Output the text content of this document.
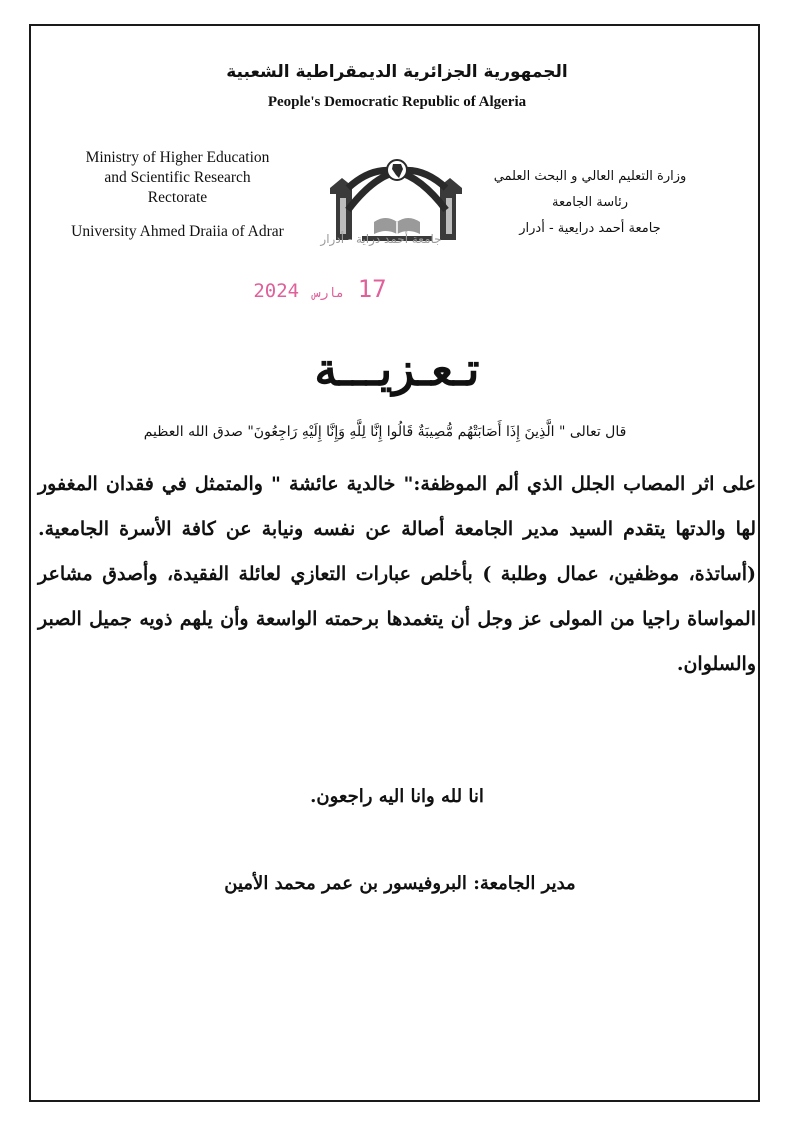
الجمهورية الجزائرية الديمقراطية الشعبية
People's Democratic Republic of Algeria
Ministry of Higher Education
and Scientific Research
Rectorate
University Ahmed Draiia of Adrar
وزارة التعليم العالي و البحث العلمي
رئاسة الجامعة
جامعة أحمد درايعية - أدرار
جامعة أحمد دراية - أدرار
17 مارس 2024
تـعـزيـــة
قال تعالى " الَّذِينَ إِذَا أَصَابَتْهُم مُّصِيبَةٌ قَالُوا إِنَّا لِلَّهِ وَإِنَّا إِلَيْهِ رَاجِعُونَ" صدق الله العظيم
على اثر المصاب الجلل الذي ألم الموظفة:" خالدية عائشة " والمتمثل في فقدان المغفور لها والدتها يتقدم السيد مدير الجامعة أصالة عن نفسه ونيابة عن كافة الأسرة الجامعية.(أساتذة، موظفين، عمال وطلبة ) بأخلص عبارات التعازي لعائلة الفقيدة، وأصدق مشاعر المواساة راجيا من المولى عز وجل أن يتغمدها برحمته الواسعة وأن يلهم ذويه جميل الصبر والسلوان.
انا لله وانا اليه راجعون.
مدير الجامعة: البروفيسور بن عمر محمد الأمين
